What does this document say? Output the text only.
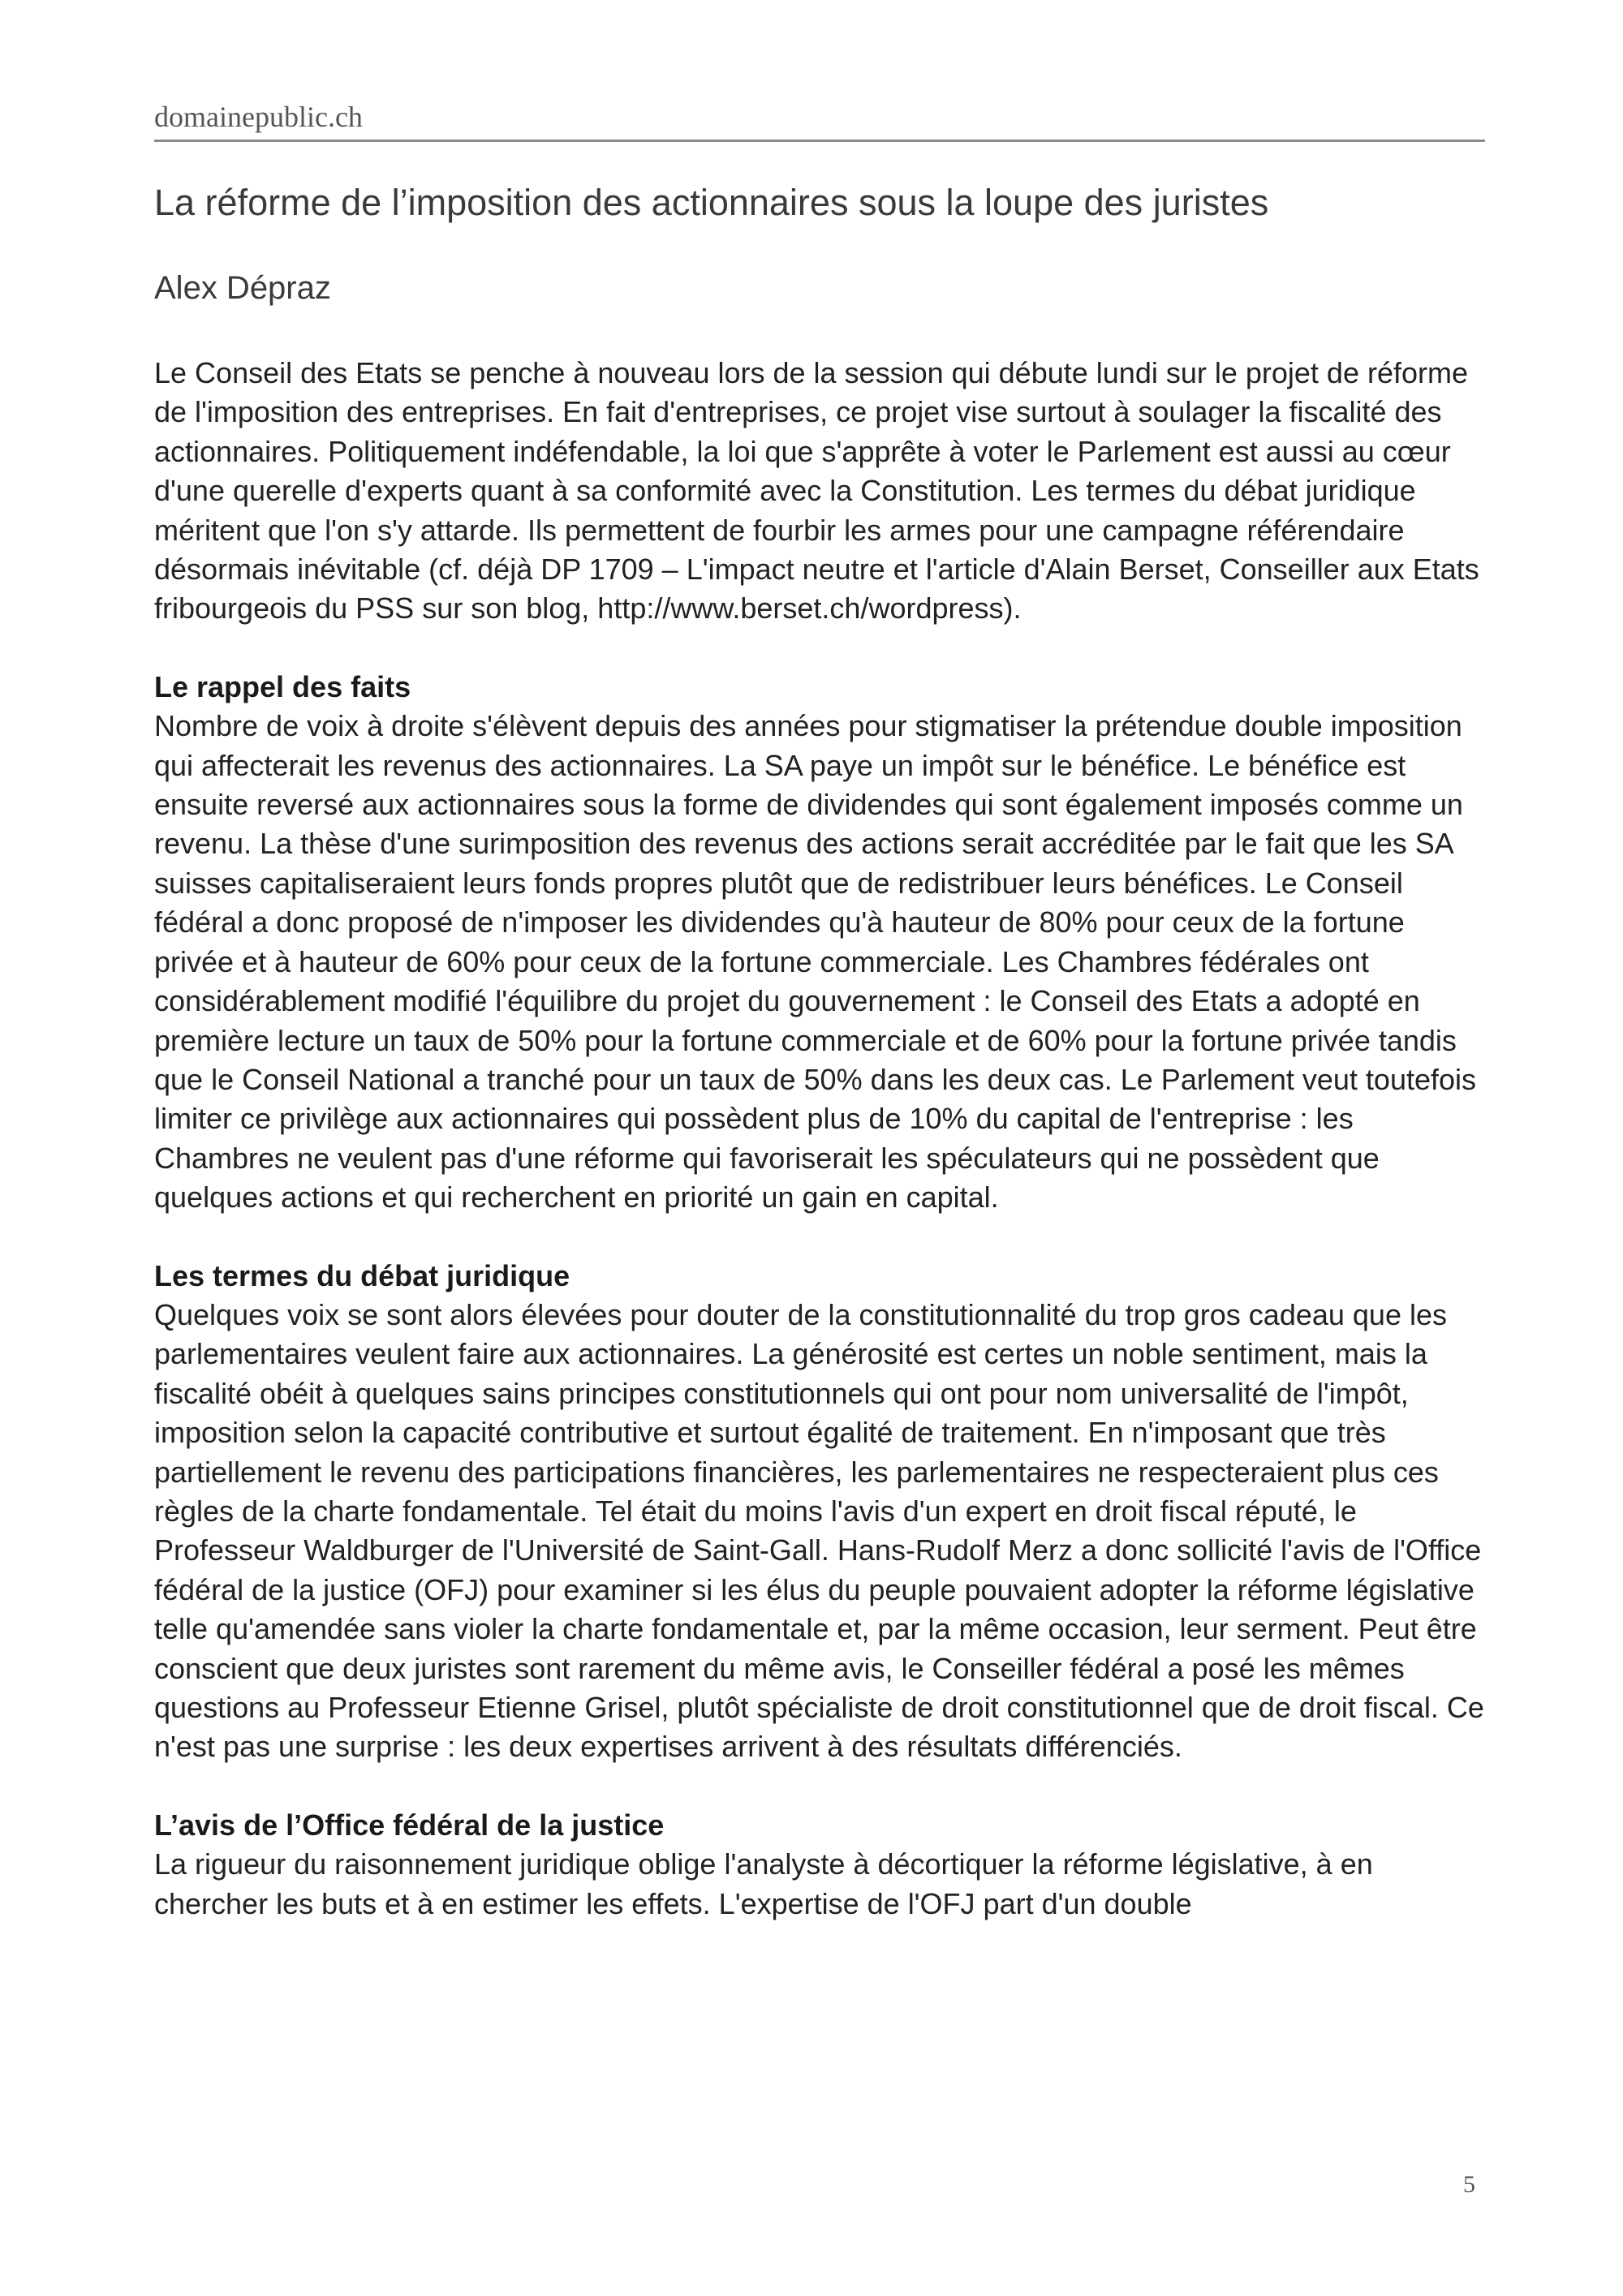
domainepublic.ch
La réforme de l’imposition des actionnaires sous la loupe des juristes
Alex Dépraz

Le Conseil des Etats se penche à nouveau lors de la session qui débute lundi sur le projet de réforme de l'imposition des entreprises. En fait d'entreprises, ce projet vise surtout à soulager la fiscalité des actionnaires. Politiquement indéfendable, la loi que s'apprête à voter le Parlement est aussi au cœur d'une querelle d'experts quant à sa conformité avec la Constitution. Les termes du débat juridique méritent que l'on s'y attarde. Ils permettent de fourbir les armes pour une campagne référendaire désormais inévitable (cf. déjà DP 1709 – L'impact neutre et l'article d'Alain Berset, Conseiller aux Etats fribourgeois du PSS sur son blog, http://www.berset.ch/wordpress).

Le rappel des faits

Nombre de voix à droite s'élèvent depuis des années pour stigmatiser la prétendue double imposition qui affecterait les revenus des actionnaires. La SA paye un impôt sur le bénéfice. Le bénéfice est ensuite reversé aux actionnaires sous la forme de dividendes qui sont également imposés comme un revenu. La thèse d'une surimposition des revenus des actions serait accréditée par le fait que les SA suisses capitaliseraient leurs fonds propres plutôt que de redistribuer leurs bénéfices. Le Conseil fédéral a donc proposé de n'imposer les dividendes qu'à hauteur de 80% pour ceux de la fortune privée et à hauteur de 60% pour ceux de la fortune commerciale. Les Chambres fédérales ont considérablement modifié l'équilibre du projet du gouvernement : le Conseil des Etats a adopté en première lecture un taux de 50% pour la fortune commerciale et de 60% pour la fortune privée tandis que le Conseil National a tranché pour un taux de 50% dans les deux cas. Le Parlement veut toutefois limiter ce privilège aux actionnaires qui possèdent plus de 10% du capital de l'entreprise : les Chambres ne veulent pas d'une réforme qui favoriserait les spéculateurs qui ne possèdent que quelques actions et qui recherchent en priorité un gain en capital.

Les termes du débat juridique

Quelques voix se sont alors élevées pour douter de la constitutionnalité du trop gros cadeau que les parlementaires veulent faire aux actionnaires. La générosité est certes un noble sentiment, mais la fiscalité obéit à quelques sains principes constitutionnels qui ont pour nom universalité de l'impôt, imposition selon la capacité contributive et surtout égalité de traitement. En n'imposant que très partiellement le revenu des participations financières, les parlementaires ne respecteraient plus ces règles de la charte fondamentale. Tel était du moins l'avis d'un expert en droit fiscal réputé, le Professeur Waldburger de l'Université de Saint-Gall. Hans-Rudolf Merz a donc sollicité l'avis de l'Office fédéral de la justice (OFJ) pour examiner si les élus du peuple pouvaient adopter la réforme législative telle qu'amendée sans violer la charte fondamentale et, par la même occasion, leur serment. Peut être conscient que deux juristes sont rarement du même avis, le Conseiller fédéral a posé les mêmes questions au Professeur Etienne Grisel, plutôt spécialiste de droit constitutionnel que de droit fiscal. Ce n'est pas une surprise : les deux expertises arrivent à des résultats différenciés.

L’avis de l’Office fédéral de la justice

La rigueur du raisonnement juridique oblige l'analyste à décortiquer la réforme législative, à en chercher les buts et à en estimer les effets. L'expertise de l'OFJ part d'un double

5
